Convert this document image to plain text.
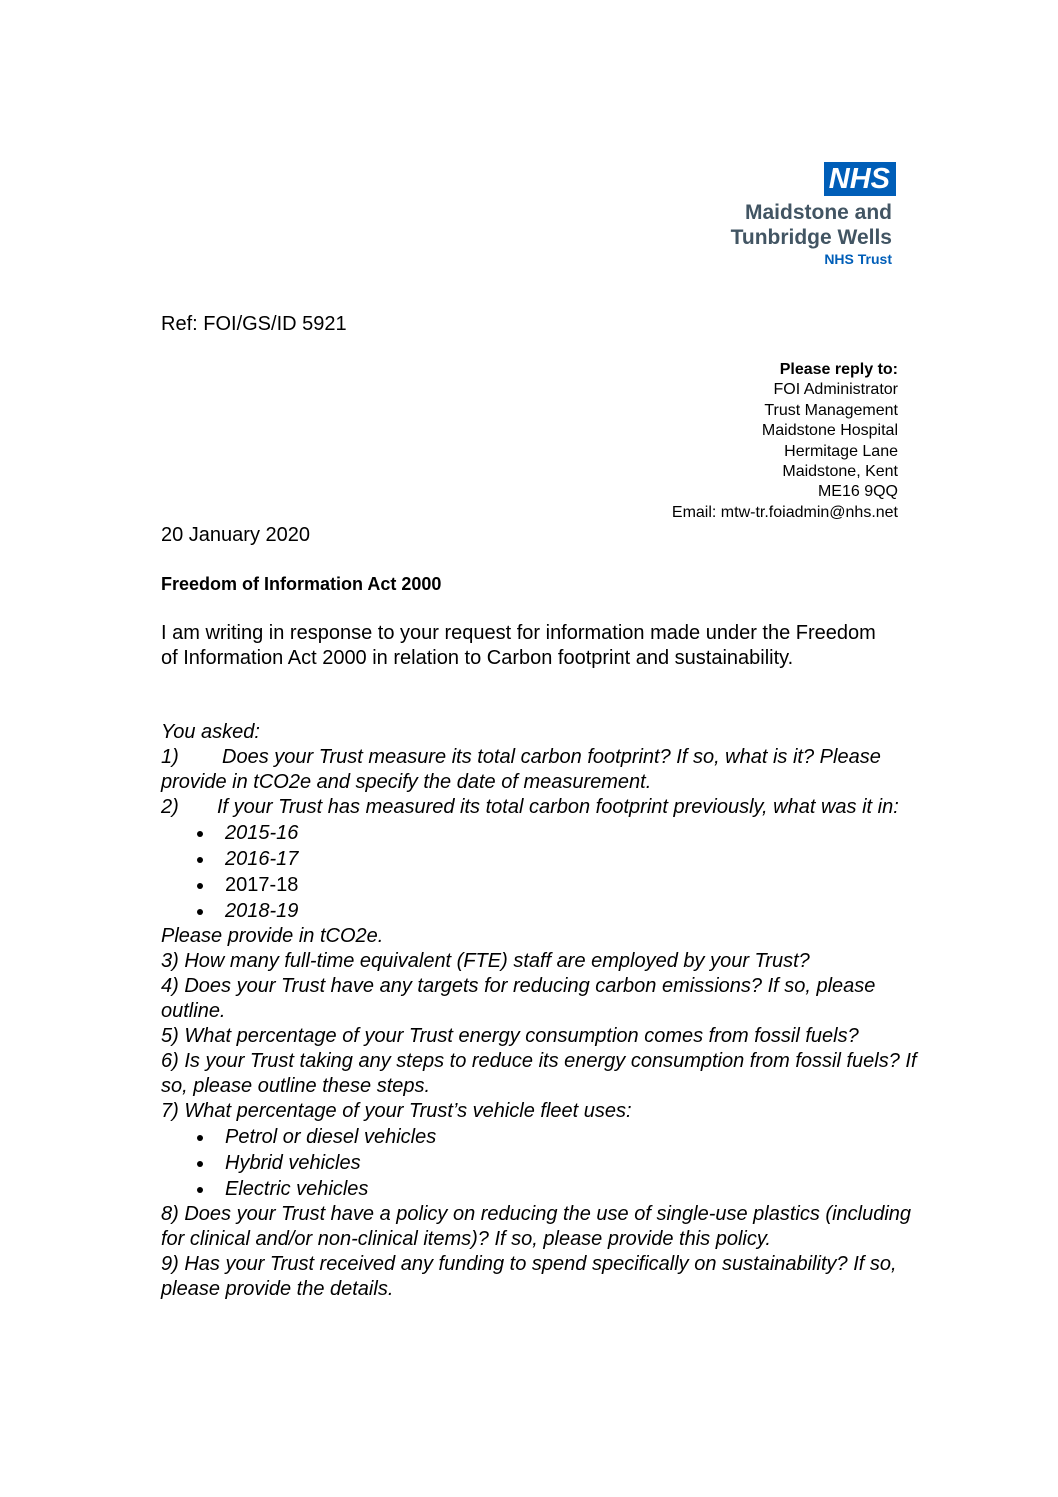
NHS
Maidstone and
Tunbridge Wells
NHS Trust
Ref: FOI/GS/ID 5921
Please reply to:
FOI Administrator
Trust Management
Maidstone Hospital
Hermitage Lane
Maidstone, Kent
ME16 9QQ
Email: mtw-tr.foiadmin@nhs.net
20 January 2020
Freedom of Information Act 2000
I am writing in response to your request for information made under the Freedom of Information Act 2000 in relation to Carbon footprint and sustainability.

You asked:

1) Does your Trust measure its total carbon footprint? If so, what is it? Please provide in tCO2e and specify the date of measurement.

2) If your Trust has measured its total carbon footprint previously, what was it in:

2015-16
2016-17
2017-18
2018-19

Please provide in tCO2e.

3) How many full-time equivalent (FTE) staff are employed by your Trust?

4) Does your Trust have any targets for reducing carbon emissions? If so, please outline.

5) What percentage of your Trust energy consumption comes from fossil fuels?

6) Is your Trust taking any steps to reduce its energy consumption from fossil fuels? If so, please outline these steps.

7) What percentage of your Trust’s vehicle fleet uses:

Petrol or diesel vehicles
Hybrid vehicles
Electric vehicles

8) Does your Trust have a policy on reducing the use of single-use plastics (including for clinical and/or non-clinical items)? If so, please provide this policy.

9) Has your Trust received any funding to spend specifically on sustainability? If so, please provide the details.
